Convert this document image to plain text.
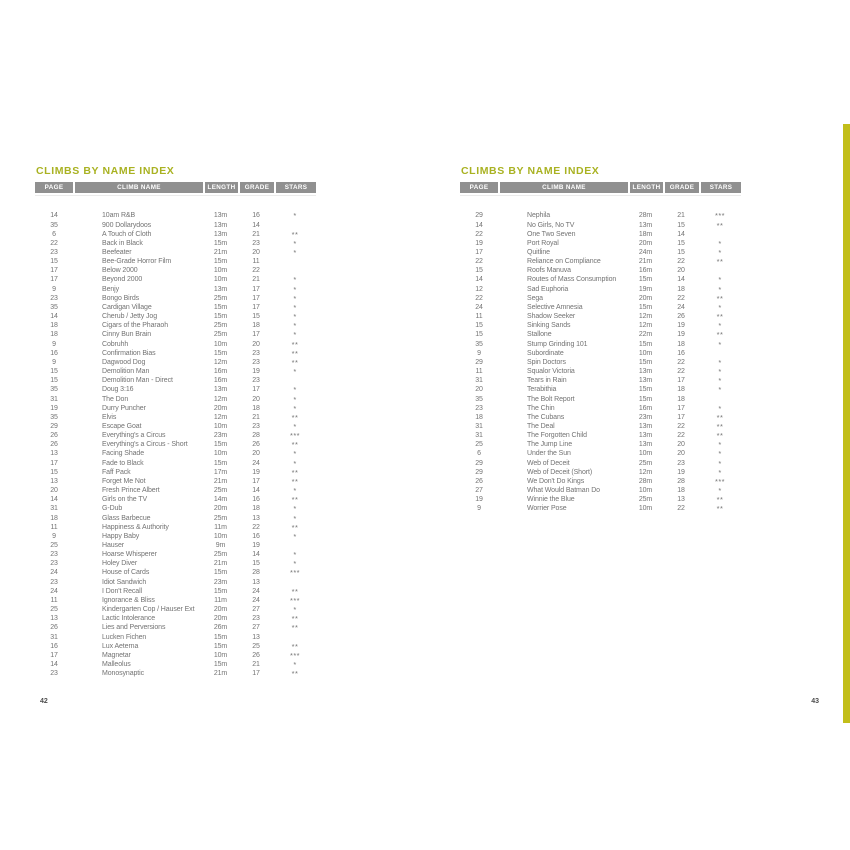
CLIMBS BY NAME INDEX
PAGE	CLIMB NAME	LENGTH	GRADE	STARS
14	10am R&B	13m	16	*
35	900 Dollarydoos	13m	14
6	A Touch of Cloth	13m	21	**
22	Back in Black	15m	23	*
23	Beefeater	21m	20	*
15	Bee-Grade Horror Film	15m	11
17	Below 2000	10m	22
17	Beyond 2000	10m	21	*
9	Benjy	13m	17	*
23	Bongo Birds	25m	17	*
35	Cardigan Village	15m	17	*
14	Cherub / Jetty Jog	15m	15	*
18	Cigars of the Pharaoh	25m	18	*
18	Cinny Bun Brain	25m	17	*
9	Cobruhh	10m	20	**
16	Confirmation Bias	15m	23	**
9	Dagwood Dog	12m	23	**
15	Demolition Man	16m	19	*
15	Demolition Man - Direct	16m	23
35	Doug 3:16	13m	17	*
31	The Don	12m	20	*
19	Durry Puncher	20m	18	*
35	Elvis	12m	21	**
29	Escape Goat	10m	23	*
26	Everything's a Circus	23m	28	***
26	Everything's a Circus - Short	15m	26	**
13	Facing Shade	10m	20	*
17	Fade to Black	15m	24	*
15	Faff Pack	17m	19	**
13	Forget Me Not	21m	17	**
20	Fresh Prince Albert	25m	14	*
14	Girls on the TV	14m	16	**
31	G-Dub	20m	18	*
18	Glass Barbecue	25m	13	*
11	Happiness & Authority	11m	22	**
9	Happy Baby	10m	16	*
25	Hauser	9m	19
23	Hoarse Whisperer	25m	14	*
23	Holey Diver	21m	15	*
24	House of Cards	15m	28	***
23	Idiot Sandwich	23m	13
24	I Don't Recall	15m	24	**
11	Ignorance & Bliss	11m	24	***
25	Kindergarten Cop / Hauser Ext	20m	27	*
13	Lactic Intolerance	20m	23	**
26	Lies and Perversions	26m	27	**
31	Lucken Fichen	15m	13
16	Lux Aeterna	15m	25	**
17	Magnetar	10m	26	***
14	Malleolus	15m	21	*
23	Monosynaptic	21m	17	**
CLIMBS BY NAME INDEX
PAGE	CLIMB NAME	LENGTH	GRADE	STARS
29	Nephila	28m	21	***
14	No Girls, No TV	13m	15	**
22	One Two Seven	18m	14
19	Port Royal	20m	15	*
17	Quitline	24m	15	*
22	Reliance on Compliance	21m	22	**
15	Roofs Manuva	16m	20
14	Routes of Mass Consumption	15m	14	*
12	Sad Euphoria	19m	18	*
22	Sega	20m	22	**
24	Selective Amnesia	15m	24	*
11	Shadow Seeker	12m	26	**
15	Sinking Sands	12m	19	*
15	Stallone	22m	19	**
35	Stump Grinding 101	15m	18	*
9	Subordinate	10m	16
29	Spin Doctors	15m	22	*
11	Squalor Victoria	13m	22	*
31	Tears in Rain	13m	17	*
20	Terabithia	15m	18	*
35	The Bolt Report	15m	18
23	The Chin	16m	17	*
18	The Cubans	23m	17	**
31	The Deal	13m	22	**
31	The Forgotten Child	13m	22	**
25	The Jump Line	13m	20	*
6	Under the Sun	10m	20	*
29	Web of Deceit	25m	23	*
29	Web of Deceit (Short)	12m	19	*
26	We Don't Do Kings	28m	28	***
27	What Would Batman Do	10m	18	*
19	Winnie the Blue	25m	13	**
9	Worrier Pose	10m	22	**
42	43
